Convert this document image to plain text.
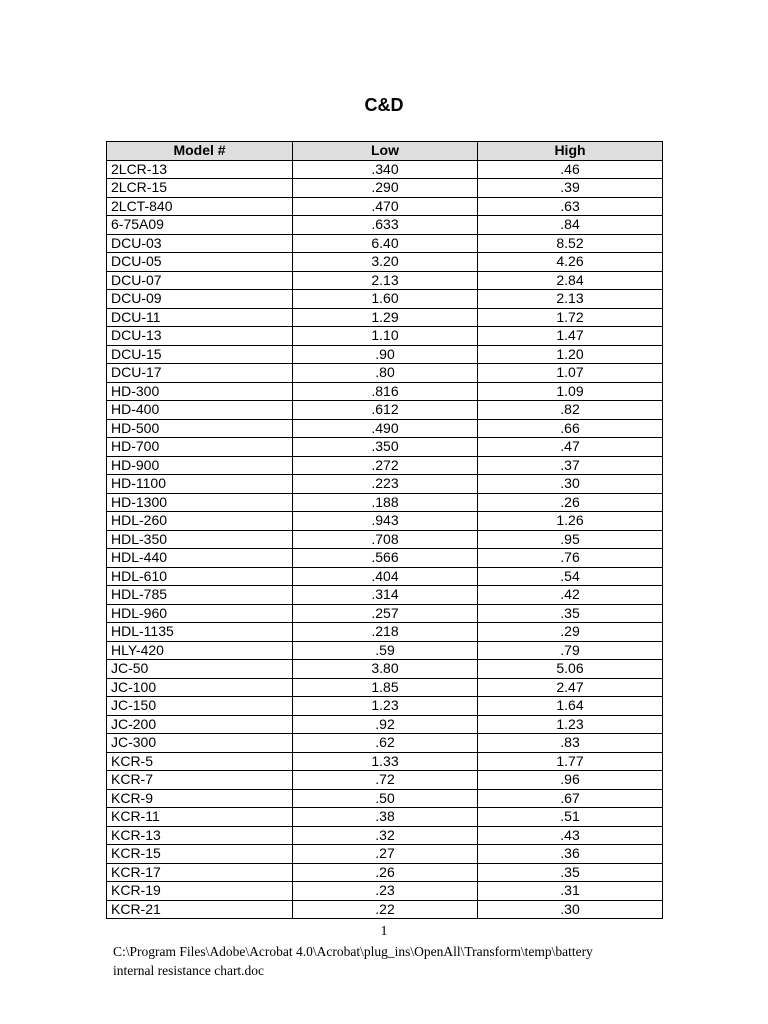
C&D
Model #	Low	High
2LCR-13	.340	.46
2LCR-15	.290	.39
2LCT-840	.470	.63
6-75A09	.633	.84
DCU-03	6.40	8.52
DCU-05	3.20	4.26
DCU-07	2.13	2.84
DCU-09	1.60	2.13
DCU-11	1.29	1.72
DCU-13	1.10	1.47
DCU-15	.90	1.20
DCU-17	.80	1.07
HD-300	.816	1.09
HD-400	.612	.82
HD-500	.490	.66
HD-700	.350	.47
HD-900	.272	.37
HD-1100	.223	.30
HD-1300	.188	.26
HDL-260	.943	1.26
HDL-350	.708	.95
HDL-440	.566	.76
HDL-610	.404	.54
HDL-785	.314	.42
HDL-960	.257	.35
HDL-1135	.218	.29
HLY-420	.59	.79
JC-50	3.80	5.06
JC-100	1.85	2.47
JC-150	1.23	1.64
JC-200	.92	1.23
JC-300	.62	.83
KCR-5	1.33	1.77
KCR-7	.72	.96
KCR-9	.50	.67
KCR-11	.38	.51
KCR-13	.32	.43
KCR-15	.27	.36
KCR-17	.26	.35
KCR-19	.23	.31
KCR-21	.22	.30
1
C:\Program Files\Adobe\Acrobat 4.0\Acrobat\plug_ins\OpenAll\Transform\temp\battery
internal resistance chart.doc
